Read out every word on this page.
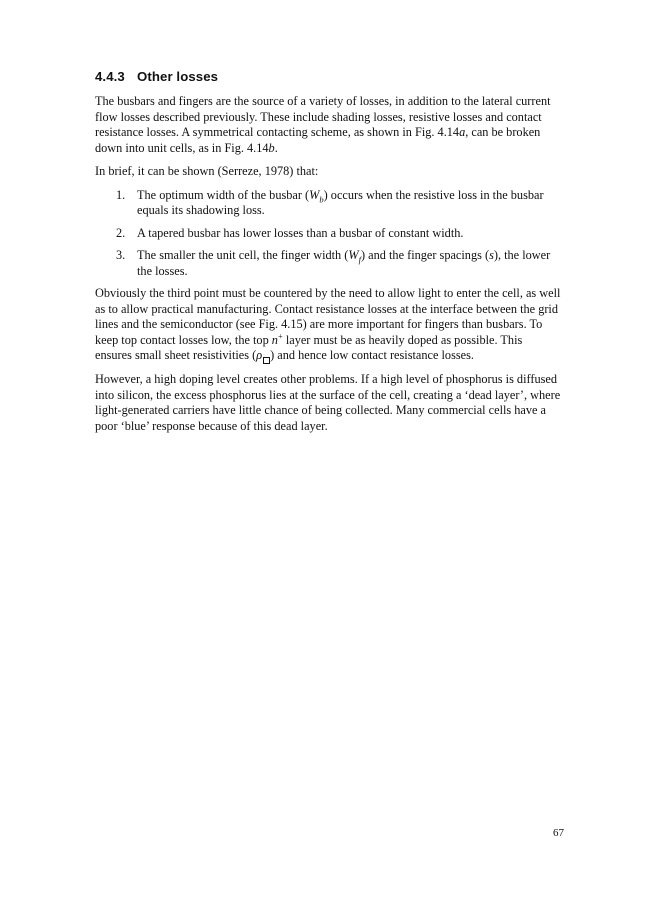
4.4.3 Other losses

The busbars and fingers are the source of a variety of losses, in addition to the lateral current flow losses described previously. These include shading losses, resistive losses and contact resistance losses. A symmetrical contacting scheme, as shown in Fig. 4.14a, can be broken down into unit cells, as in Fig. 4.14b.

In brief, it can be shown (Serreze, 1978) that:

1. The optimum width of the busbar $(W_b)$ occurs when the resistive loss in the busbar equals its shadowing loss.
2. A tapered busbar has lower losses than a busbar of constant width.
3. The smaller the unit cell, the finger width $(W_f)$ and the finger spacings (s), the lower the losses.

Obviously the third point must be countered by the need to allow light to enter the cell, as well as to allow practical manufacturing. Contact resistance losses at the interface between the grid lines and the semiconductor (see Fig. 4.15) are more important for fingers than busbars. To keep top contact losses low, the top n+ layer must be as heavily doped as possible. This ensures small sheet resistivities (ρ ) and hence low contact resistance losses.

However, a high doping level creates other problems. If a high level of phosphorus is diffused into silicon, the excess phosphorus lies at the surface of the cell, creating a ‘dead layer’, where light-generated carriers have little chance of being collected. Many commercial cells have a poor ‘blue’ response because of this dead layer.

67
